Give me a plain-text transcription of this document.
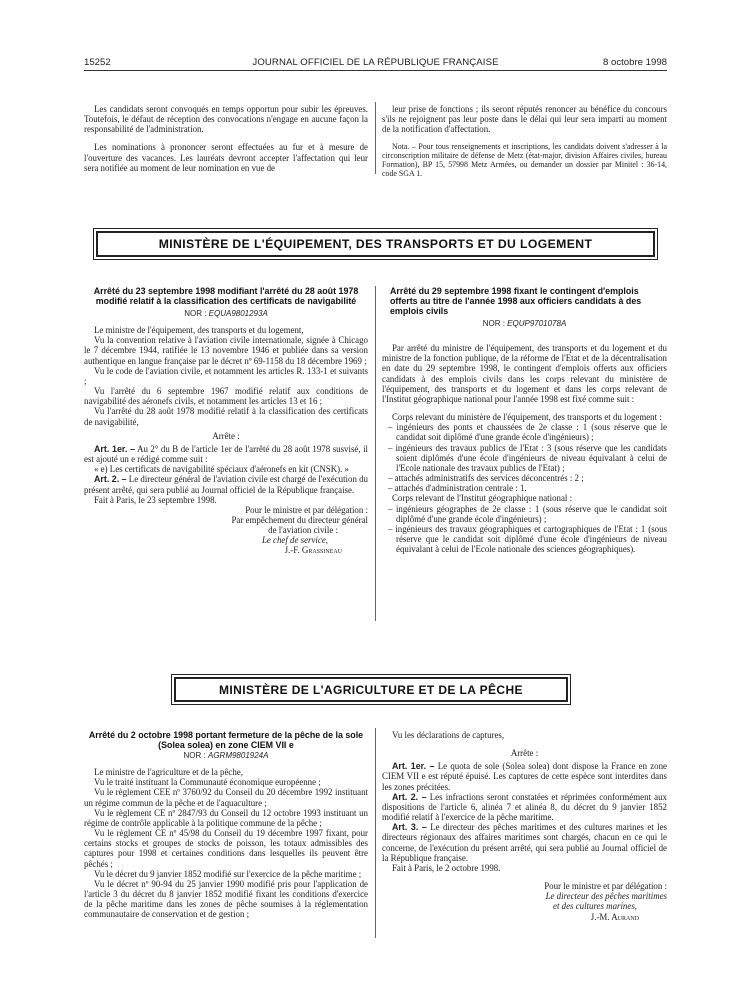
15252	JOURNAL OFFICIEL DE LA RÉPUBLIQUE FRANÇAISE	8 octobre 1998

Les candidats seront convoqués en temps opportun pour subir les épreuves. Toutefois, le défaut de réception des convocations n'engage en aucune façon la responsabilité de l'administration.

Les nominations à prononcer seront effectuées au fur et à mesure de l'ouverture des vacances. Les lauréats devront accepter l'affectation qui leur sera notifiée au moment de leur nomination en vue de

leur prise de fonctions ; ils seront réputés renoncer au bénéfice du concours s'ils ne rejoignent pas leur poste dans le délai qui leur sera imparti au moment de la notification d'affectation.

Nota. – Pour tous renseignements et inscriptions, les candidats doivent s'adresser à la circonscription militaire de défense de Metz (état-major, division Affaires civiles, bureau Formation), BP 15, 57998 Metz Armées, ou demander un dossier par Minitel : 36-14, code SGA 1.

MINISTÈRE DE L'ÉQUIPEMENT, DES TRANSPORTS ET DU LOGEMENT

Arrêté du 23 septembre 1998 modifiant l'arrêté du 28 août 1978 modifié relatif à la classification des certificats de navigabilité

NOR : EQUA9801293A

Le ministre de l'équipement, des transports et du logement,

Vu la convention relative à l'aviation civile internationale, signée à Chicago le 7 décembre 1944, ratifiée le 13 novembre 1946 et publiée dans sa version authentique en langue française par le décret nº 69-1158 du 18 décembre 1969 ;

Vu le code de l'aviation civile, et notamment les articles R. 133-1 et suivants ;

Vu l'arrêté du 6 septembre 1967 modifié relatif aux conditions de navigabilité des aéronefs civils, et notamment les articles 13 et 16 ;

Vu l'arrêté du 28 août 1978 modifié relatif à la classification des certificats de navigabilité,

Arrête :

Art. 1er. – Au 2° du B de l'article 1er de l'arrêté du 28 août 1978 susvisé, il est ajouté un e rédigé comme suit :

« e) Les certificats de navigabilité spéciaux d'aéronefs en kit (CNSK). »

Art. 2. – Le directeur général de l'aviation civile est chargé de l'exécution du présent arrêté, qui sera publié au Journal officiel de la République française.

Fait à Paris, le 23 septembre 1998.

Pour le ministre et par délégation :

Par empêchement du directeur général

de l'aviation civile :

Le chef de service,

J.-F. Grassineau

Arrêté du 29 septembre 1998 fixant le contingent d'emplois offerts au titre de l'année 1998 aux officiers candidats à des emplois civils

NOR : EQUP9701078A

Par arrêté du ministre de l'équipement, des transports et du logement et du ministre de la fonction publique, de la réforme de l'Etat et de la décentralisation en date du 29 septembre 1998, le contingent d'emplois offerts aux officiers candidats à des emplois civils dans les corps relevant du ministère de l'équipement, des transports et du logement et dans les corps relevant de l'Institut géographique national pour l'année 1998 est fixé comme suit :

Corps relevant du ministère de l'équipement, des transports et du logement :

– ingénieurs des ponts et chaussées de 2e classe : 1 (sous réserve que le candidat soit diplômé d'une grande école d'ingénieurs) ;

– ingénieurs des travaux publics de l'Etat : 3 (sous réserve que les candidats soient diplômés d'une école d'ingénieurs de niveau équivalant à celui de l'Ecole nationale des travaux publics de l'Etat) ;

– attachés administratifs des services déconcentrés : 2 ;

– attachés d'administration centrale : 1.

Corps relevant de l'Institut géographique national :

– ingénieurs géographes de 2e classe : 1 (sous réserve que le candidat soit diplômé d'une grande école d'ingénieurs) ;

– ingénieurs des travaux géographiques et cartographiques de l'Etat : 1 (sous réserve que le candidat soit diplômé d'une école d'ingénieurs de niveau équivalant à celui de l'Ecole nationale des sciences géographiques).

MINISTÈRE DE L'AGRICULTURE ET DE LA PÊCHE

Arrêté du 2 octobre 1998 portant fermeture de la pêche de la sole (Solea solea) en zone CIEM VII e

NOR : AGRM9801924A

Le ministre de l'agriculture et de la pêche,

Vu le traité instituant la Communauté économique européenne ;

Vu le règlement CEE nº 3760/92 du Conseil du 20 décembre 1992 instituant un régime commun de la pêche et de l'aquaculture ;

Vu le règlement CE nº 2847/93 du Conseil du 12 octobre 1993 instituant un régime de contrôle applicable à la politique commune de la pêche ;

Vu le règlement CE nº 45/98 du Conseil du 19 décembre 1997 fixant, pour certains stocks et groupes de stocks de poisson, les totaux admissibles des captures pour 1998 et certaines conditions dans lesquelles ils peuvent être pêchés ;

Vu le décret du 9 janvier 1852 modifié sur l'exercice de la pêche maritime ;

Vu le décret nº 90-94 du 25 janvier 1990 modifié pris pour l'application de l'article 3 du décret du 8 janvier 1852 modifié fixant les conditions d'exercice de la pêche maritime dans les zones de pêche soumises à la réglementation communautaire de conservation et de gestion ;

Vu les déclarations de captures,

Arrête :

Art. 1er. – Le quota de sole (Solea solea) dont dispose la France en zone CIEM VII e est réputé épuisé. Les captures de cette espèce sont interdites dans les zones précitées.

Art. 2. – Les infractions seront constatées et réprimées conformément aux dispositions de l'article 6, alinéa 7 et alinéa 8, du décret du 9 janvier 1852 modifié relatif à l'exercice de la pêche maritime.

Art. 3. – Le directeur des pêches maritimes et des cultures marines et les directeurs régionaux des affaires maritimes sont chargés, chacun en ce qui le concerne, de l'exécution du présent arrêté, qui sera publié au Journal officiel de la République française.

Fait à Paris, le 2 octobre 1998.

Pour le ministre et par délégation :

Le directeur des pêches maritimes

et des cultures marines,

J.-M. Aurand
